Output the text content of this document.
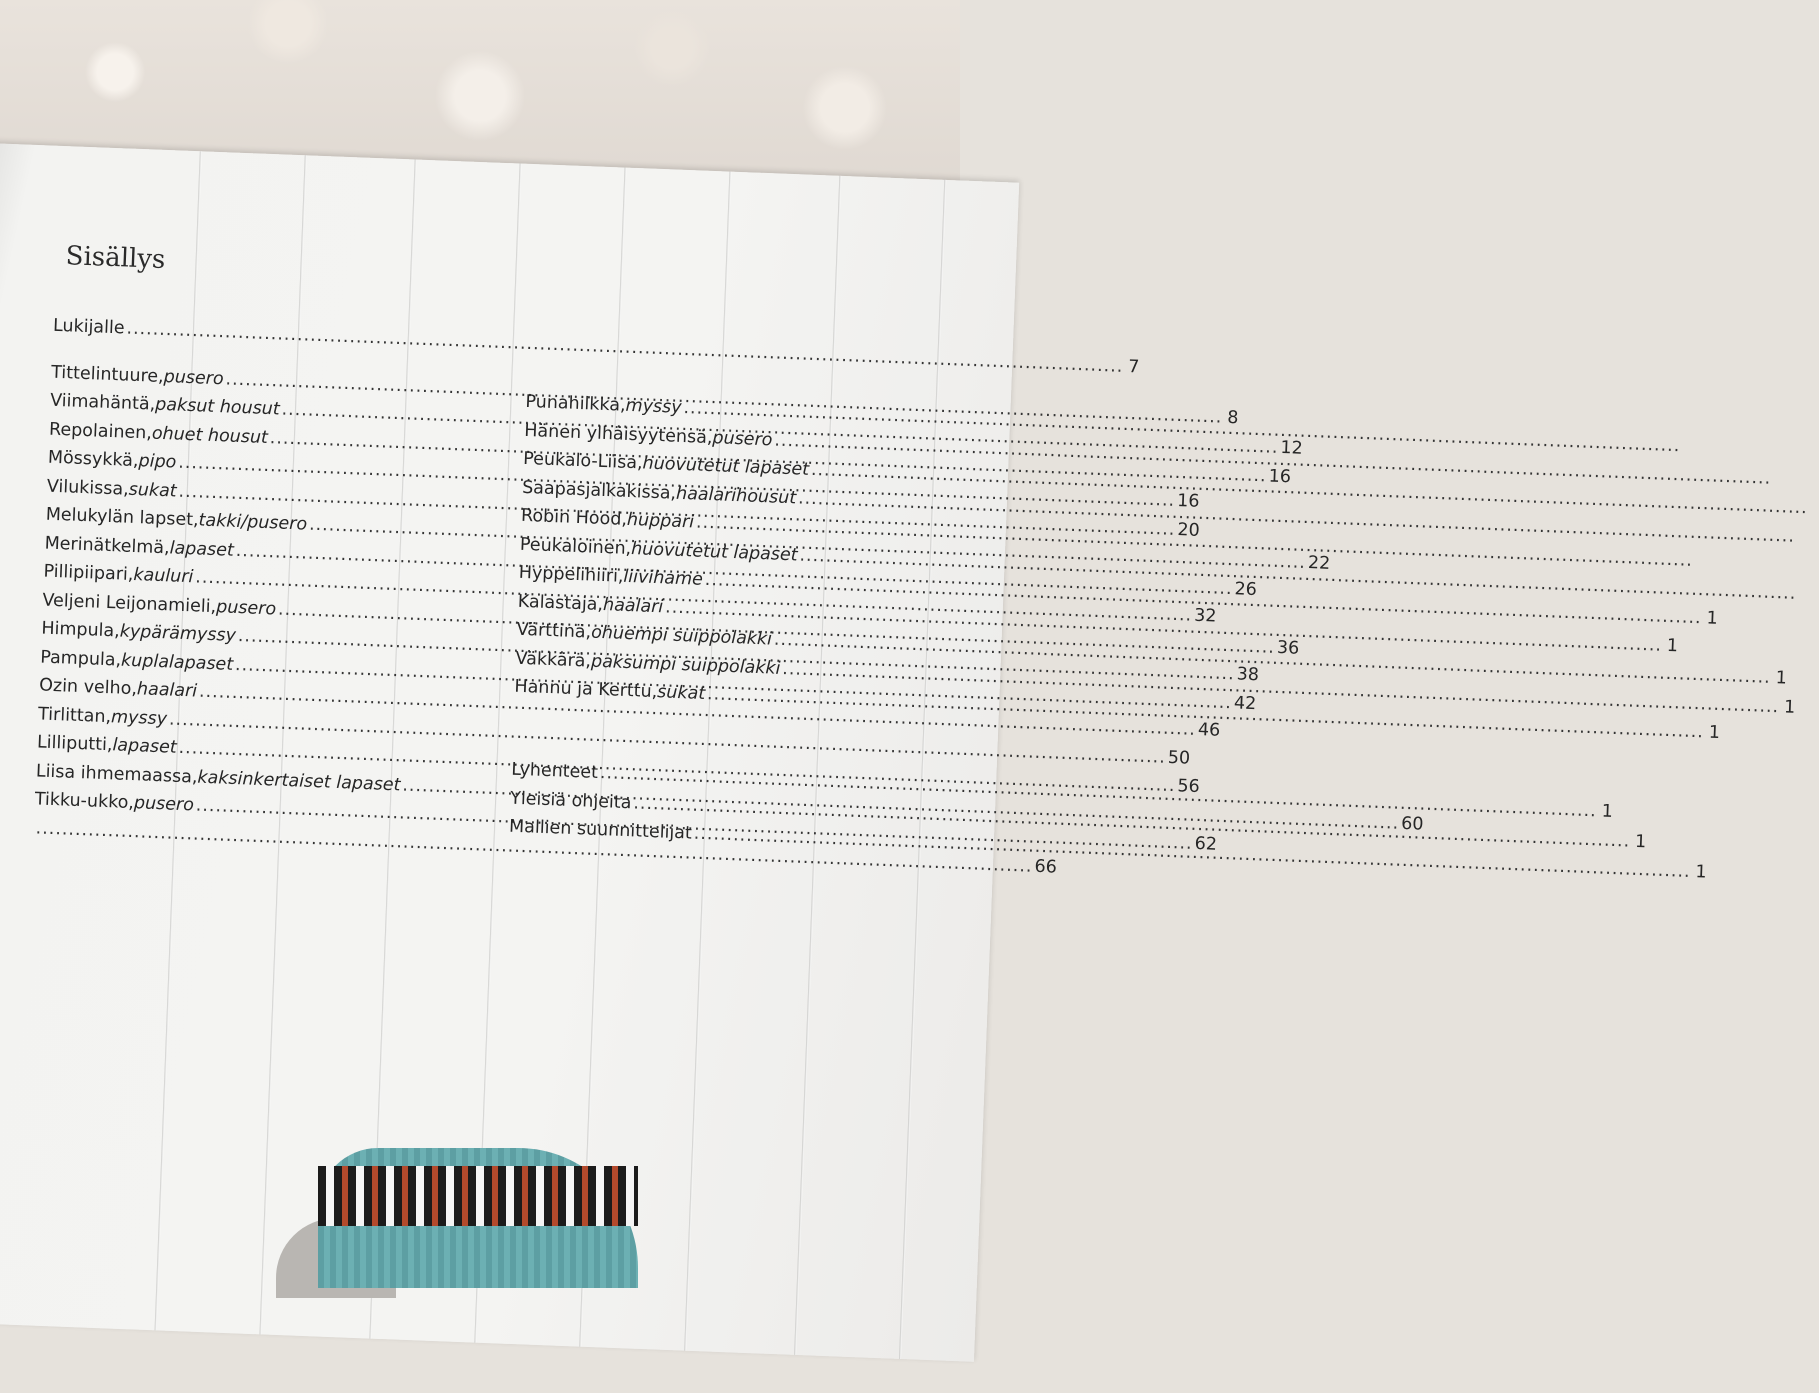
Sisällys
Lukijalle
.....
7
Tittelintuure , pusero
.....
8
Viimahäntä , paksut housut
.....
12
Repolainen , ohuet housut
.....
16
Mössykkä , pipo
.....
16
Vilukissa , sukat
.....
20
Melukylän lapset , takki/pusero
.....
22
Merinätkelmä , lapaset
.....
26
Pillipiipari , kauluri
.....
32
Veljeni Leijonamieli , pusero
.....
36
Himpula , kypärämyssy
.....
38
Pampula , kuplalapaset
.....
42
Ozin velho , haalari
.....
46
Tirlittan , myssy
.....
50
Lilliputti , lapaset
.....
56
Liisa ihmemaassa , kaksinkertaiset lapaset
.....
60
Tikku-ukko , pusero
.....
62
.....
66
Punahilkka , myssy
.....
Hänen ylhäisyytensä , pusero
.....
Peukalo-Liisa , huovutetut lapaset
.....
Saapasjalkakissa , haalarihousut
.....
Robin Hood , huppari
.....
Peukaloinen , huovutetut lapaset
.....
Hyppelihiiri , liivihame
.....
1
Kalastaja , haalari
.....
1
Värttinä , ohuempi suippolakki
.....
1
Väkkärä , paksumpi suippolakki
.....
1
Hannu ja Kerttu , sukat
.....
1
Lyhenteet
.....
1
Yleisiä ohjeita
.....
1
Mallien suunnittelijat
.....
1
